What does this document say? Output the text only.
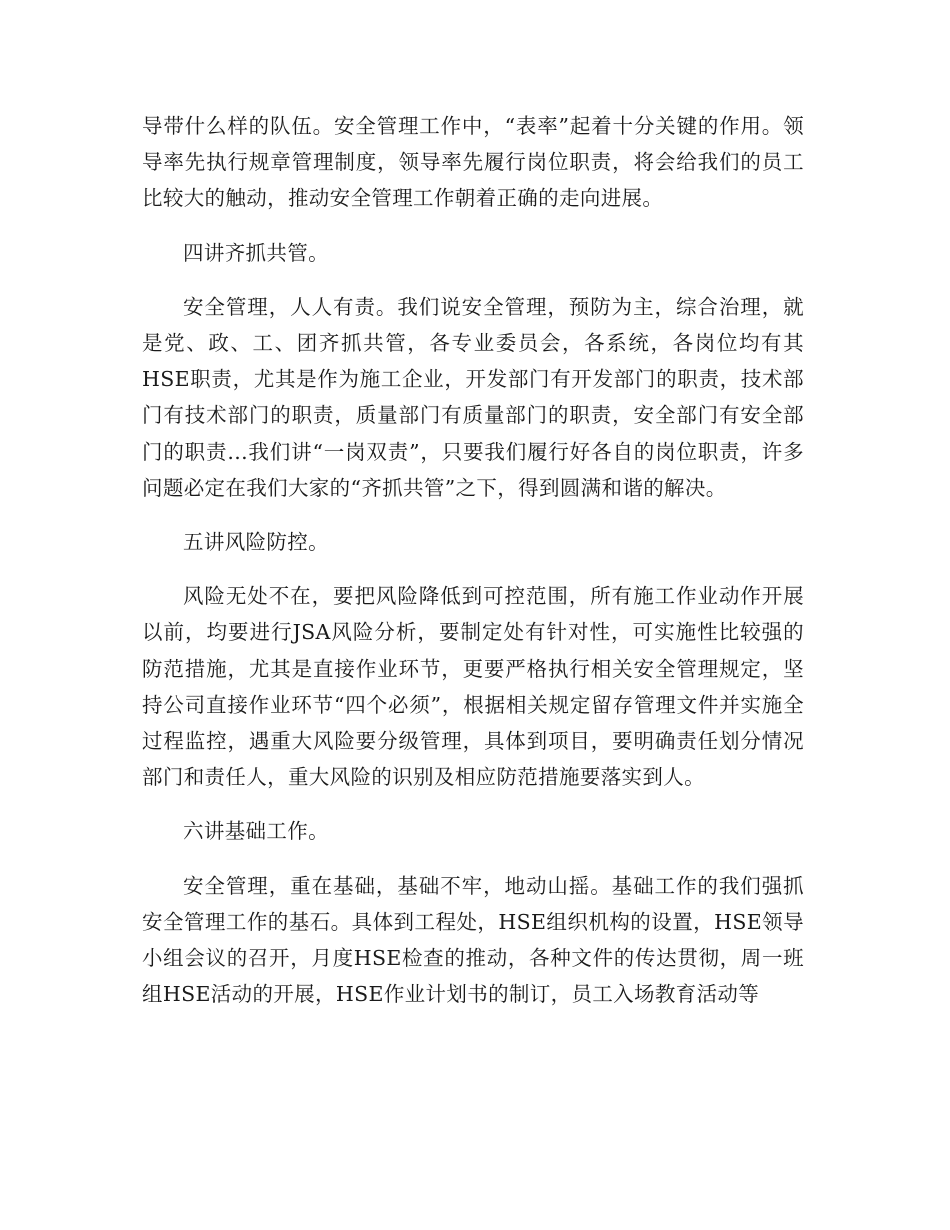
导带什么样的队伍。安全管理工作中，“表率”起着十分关键的作用。领导率先执行规章管理制度，领导率先履行岗位职责，将会给我们的员工比较大的触动，推动安全管理工作朝着正确的走向进展。

四讲齐抓共管。

安全管理，人人有责。我们说安全管理，预防为主，综合治理，就是党、政、工、团齐抓共管，各专业委员会，各系统，各岗位均有其HSE职责，尤其是作为施工企业，开发部门有开发部门的职责，技术部门有技术部门的职责，质量部门有质量部门的职责，安全部门有安全部门的职责...我们讲“一岗双责”，只要我们履行好各自的岗位职责，许多问题必定在我们大家的“齐抓共管”之下，得到圆满和谐的解决。

五讲风险防控。

风险无处不在，要把风险降低到可控范围，所有施工作业动作开展以前，均要进行JSA风险分析，要制定处有针对性，可实施性比较强的防范措施，尤其是直接作业环节，更要严格执行相关安全管理规定，坚持公司直接作业环节“四个必须”，根据相关规定留存管理文件并实施全过程监控，遇重大风险要分级管理，具体到项目，要明确责任划分情况部门和责任人，重大风险的识别及相应防范措施要落实到人。

六讲基础工作。

安全管理，重在基础，基础不牢，地动山摇。基础工作的我们强抓安全管理工作的基石。具体到工程处，HSE组织机构的设置，HSE领导小组会议的召开，月度HSE检查的推动，各种文件的传达贯彻，周一班组HSE活动的开展，HSE作业计划书的制订，员工入场教育活动等
